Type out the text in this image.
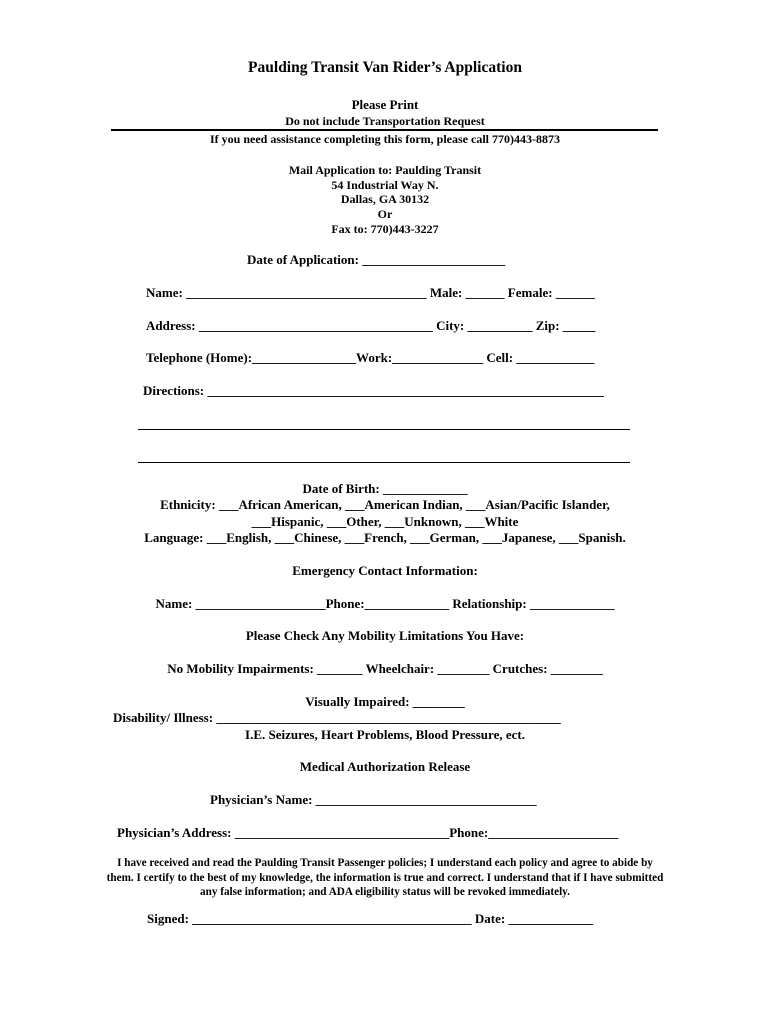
Paulding Transit Van Rider’s Application
Please Print
Do not include Transportation Request
If you need assistance completing this form, please call 770)443-8873
Mail Application to: Paulding Transit
54 Industrial Way N.
Dallas, GA 30132
Or
Fax to: 770)443-3227
Date of Application: ______________________
Name: _____________________________________ Male: ______ Female: ______
Address: ____________________________________ City: __________ Zip: _____
Telephone (Home):________________Work:______________ Cell: ____________
Directions: _____________________________________________________________
Date of Birth: _____________
Ethnicity: ___African American, ___American Indian, ___Asian/Pacific Islander,
___Hispanic, ___Other, ___Unknown, ___White
Language: ___English, ___Chinese, ___French, ___German, ___Japanese, ___Spanish.
Emergency Contact Information:
Name: ____________________Phone:_____________ Relationship: _____________
Please Check Any Mobility Limitations You Have:
No Mobility Impairments: _______ Wheelchair: ________ Crutches: ________
Visually Impaired: ________
Disability/ Illness: _____________________________________________________
I.E. Seizures, Heart Problems, Blood Pressure, ect.
Medical Authorization Release
Physician’s Name: __________________________________
Physician’s Address: _________________________________Phone:____________________
I have received and read the Paulding Transit Passenger policies; I understand each policy and agree to abide by them. I certify to the best of my knowledge, the information is true and correct. I understand that if I have submitted any false information; and ADA eligibility status will be revoked immediately.
Signed: ___________________________________________ Date: _____________
